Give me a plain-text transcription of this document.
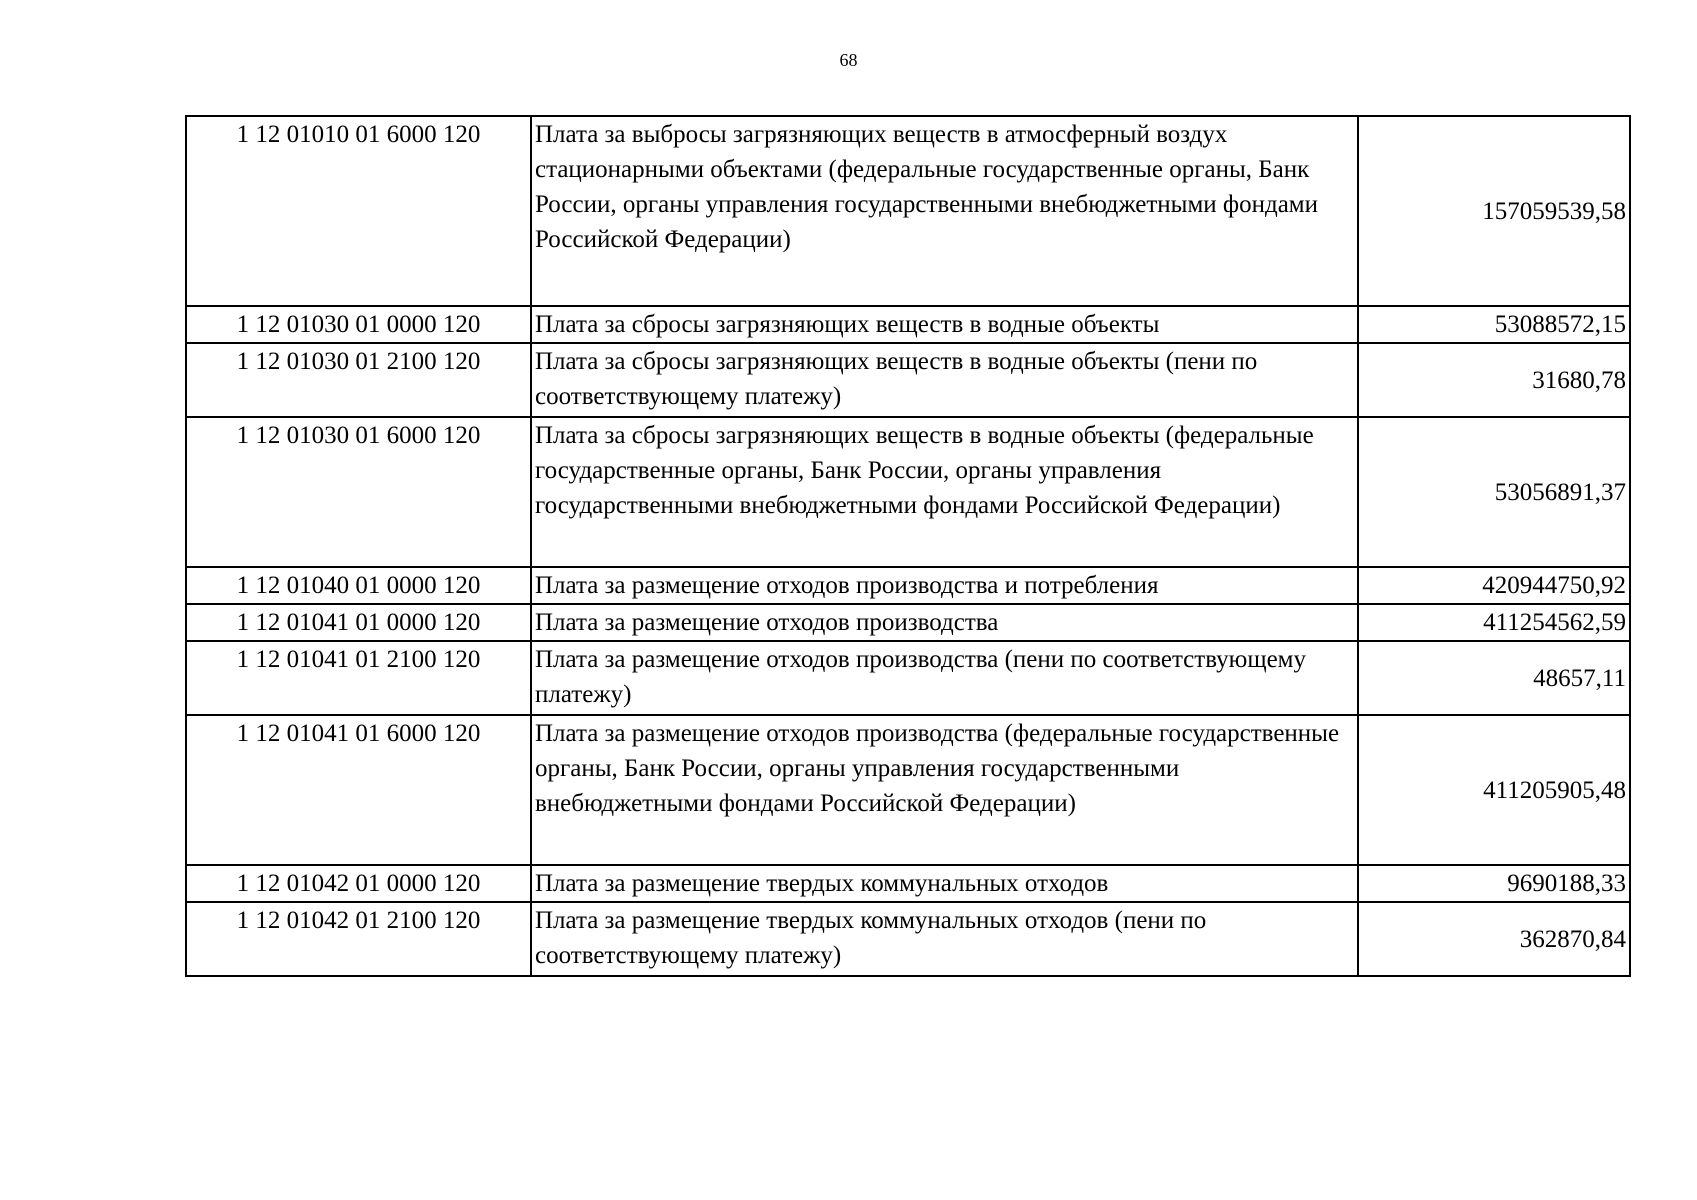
68
1 12 01010 01 6000 120	Плата за выбросы загрязняющих веществ в атмосферный воздух стационарными объектами (федеральные государственные органы, Банк России, органы управления государственными внебюджетными фондами Российской Федерации)	157059539,58
1 12 01030 01 0000 120	Плата за сбросы загрязняющих веществ в водные объекты	53088572,15
1 12 01030 01 2100 120	Плата за сбросы загрязняющих веществ в водные объекты (пени по соответствующему платежу)	31680,78
1 12 01030 01 6000 120	Плата за сбросы загрязняющих веществ в водные объекты (федеральные государственные органы, Банк России, органы управления государственными внебюджетными фондами Российской Федерации)	53056891,37
1 12 01040 01 0000 120	Плата за размещение отходов производства и потребления	420944750,92
1 12 01041 01 0000 120	Плата за размещение отходов производства	411254562,59
1 12 01041 01 2100 120	Плата за размещение отходов производства (пени по соответствующему платежу)	48657,11
1 12 01041 01 6000 120	Плата за размещение отходов производства (федеральные государственные органы, Банк России, органы управления государственными внебюджетными фондами Российской Федерации)	411205905,48
1 12 01042 01 0000 120	Плата за размещение твердых коммунальных отходов	9690188,33
1 12 01042 01 2100 120	Плата за размещение твердых коммунальных отходов (пени по соответствующему платежу)	362870,84
